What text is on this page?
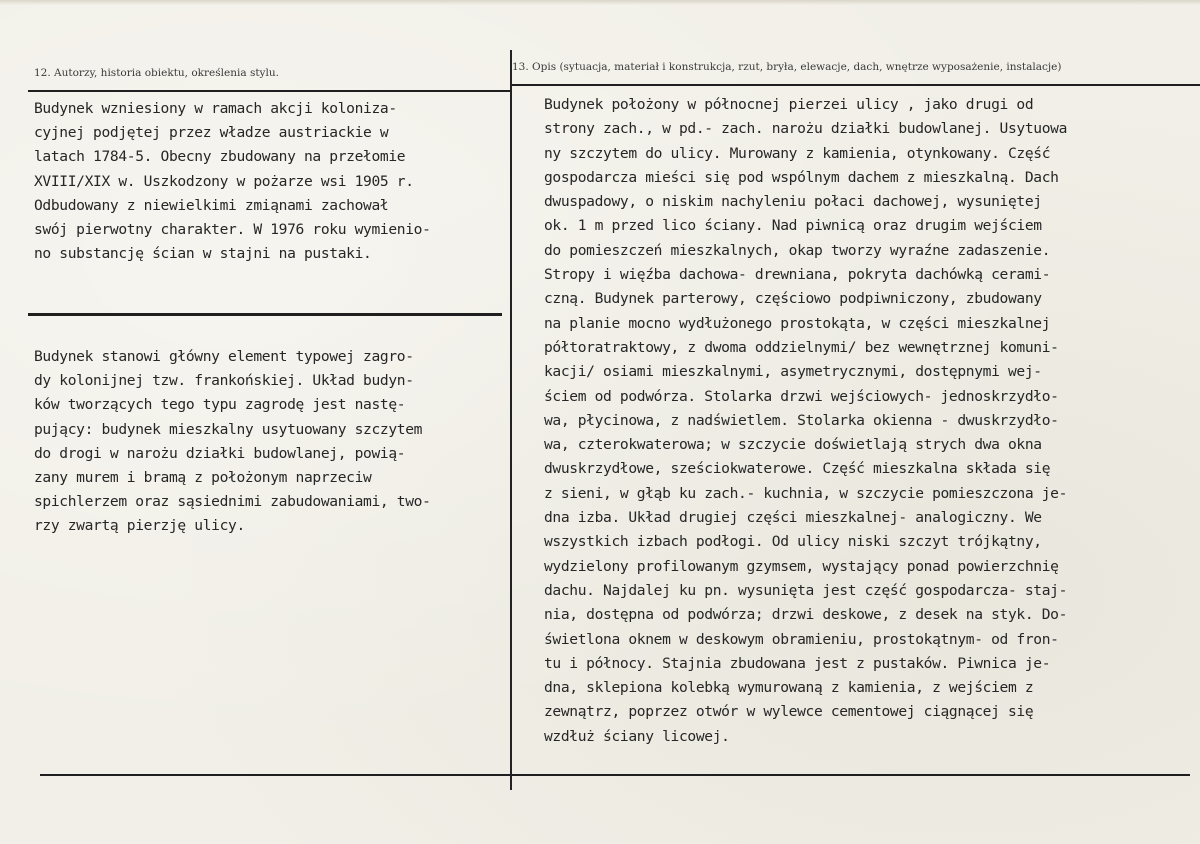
12. Autorzy, historia obiektu, określenia stylu.	13. Opis (sytuacja, materiał i konstrukcja, rzut, bryła, elewacje, dach, wnętrze wyposażenie, instalacje)
Budynek wzniesiony w ramach akcji koloniza-
cyjnej podjętej przez władze austriackie w
latach 1784-5. Obecny zbudowany na przełomie
XVIII/XIX w. Uszkodzony w pożarze wsi 1905 r.
Odbudowany z niewielkimi zmiąnami zachował
swój pierwotny charakter. W 1976 roku wymienio-
no substancję ścian w stajni na pustaki.
Budynek stanowi główny element typowej zagro-
dy kolonijnej tzw. frankońskiej. Układ budyn-
ków tworzących tego typu zagrodę jest nastę-
pujący: budynek mieszkalny usytuowany szczytem
do drogi w narożu działki budowlanej, powią-
zany murem i bramą z położonym naprzeciw
spichlerzem oraz sąsiednimi zabudowaniami, two-
rzy zwartą pierzję ulicy.
Budynek położony w północnej pierzei ulicy , jako drugi od
strony zach., w pd.- zach. narożu działki budowlanej. Usytuowa
ny szczytem do ulicy. Murowany z kamienia, otynkowany. Część
gospodarcza mieści się pod wspólnym dachem z mieszkalną. Dach
dwuspadowy, o niskim nachyleniu połaci dachowej, wysuniętej
ok. 1 m przed lico ściany. Nad piwnicą oraz drugim wejściem
do pomieszczeń mieszkalnych, okap tworzy wyraźne zadaszenie.
Stropy i więźba dachowa- drewniana, pokryta dachówką cerami-
czną. Budynek parterowy, częściowo podpiwniczony, zbudowany
na planie mocno wydłużonego prostokąta, w części mieszkalnej
półtoratraktowy, z dwoma oddzielnymi/ bez wewnętrznej komuni-
kacji/ osiami mieszkalnymi, asymetrycznymi, dostępnymi wej-
ściem od podwórza. Stolarka drzwi wejściowych- jednoskrzydło-
wa, płycinowa, z nadświetlem. Stolarka okienna - dwuskrzydło-
wa, czterokwaterowa; w szczycie doświetlają strych dwa okna
dwuskrzydłowe, sześciokwaterowe. Część mieszkalna składa się
z sieni, w głąb ku zach.- kuchnia, w szczycie pomieszczona je-
dna izba. Układ drugiej części mieszkalnej- analogiczny. We
wszystkich izbach podłogi. Od ulicy niski szczyt trójkątny,
wydzielony profilowanym gzymsem, wystający ponad powierzchnię
dachu. Najdalej ku pn. wysunięta jest część gospodarcza- staj-
nia, dostępna od podwórza; drzwi deskowe, z desek na styk. Do-
świetlona oknem w deskowym obramieniu, prostokątnym- od fron-
tu i północy. Stajnia zbudowana jest z pustaków. Piwnica je-
dna, sklepiona kolebką wymurowaną z kamienia, z wejściem z
zewnątrz, poprzez otwór w wylewce cementowej ciągnącej się
wzdłuż ściany licowej.
